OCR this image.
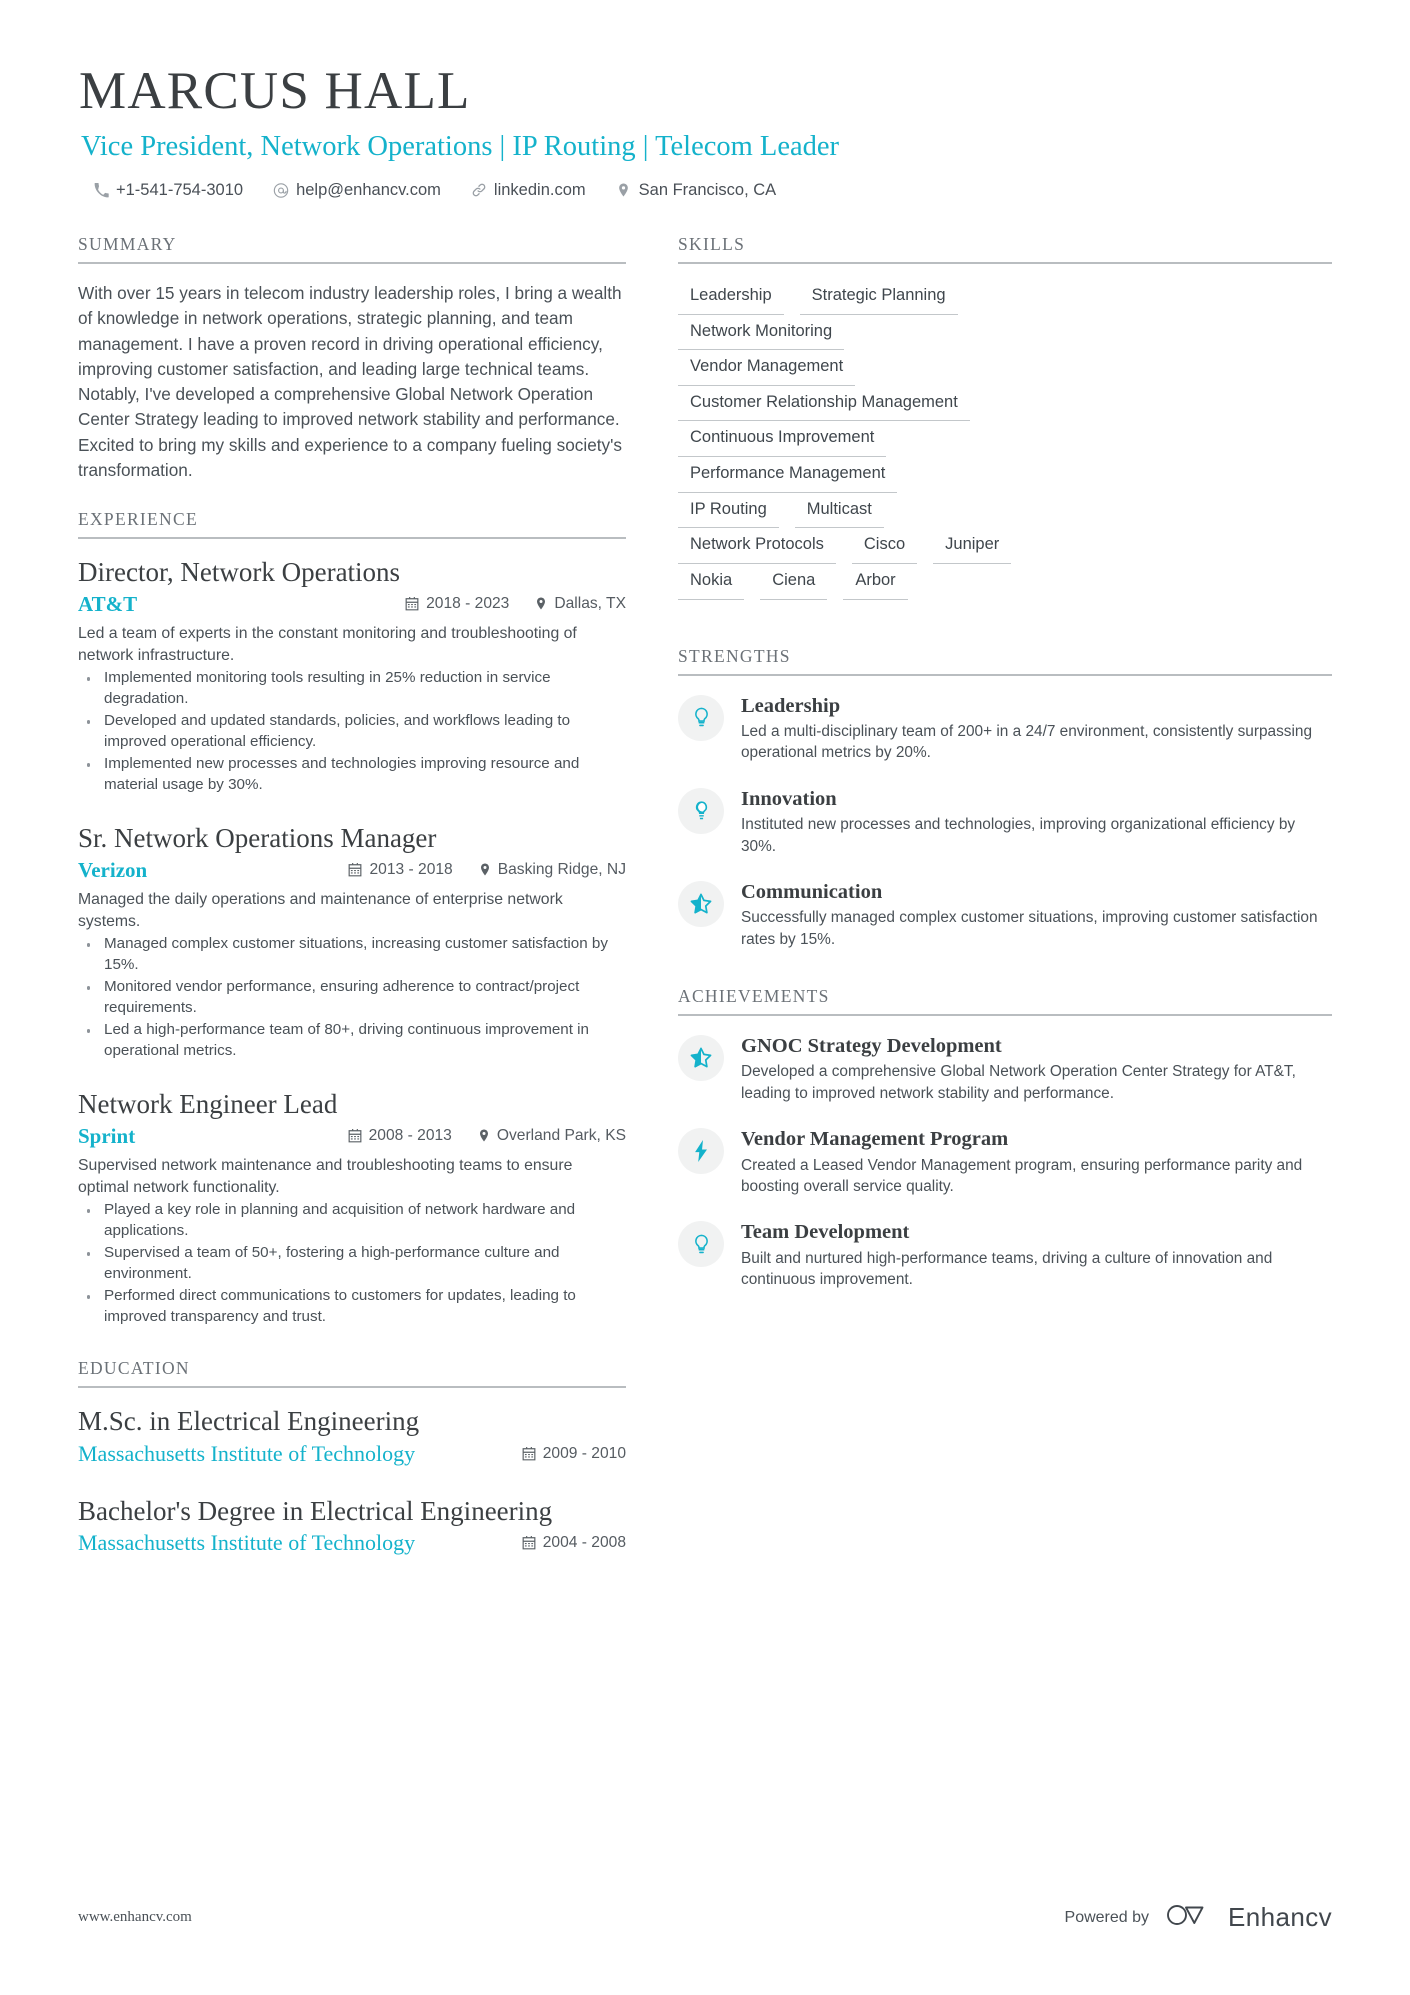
MARCUS HALL
Vice President, Network Operations | IP Routing | Telecom Leader
+1-541-754-3010	help@enhancv.com	linkedin.com	San Francisco, CA
SUMMARY

With over 15 years in telecom industry leadership roles, I bring a wealth of knowledge in network operations, strategic planning, and team management. I have a proven record in driving operational efficiency, improving customer satisfaction, and leading large technical teams. Notably, I've developed a comprehensive Global Network Operation Center Strategy leading to improved network stability and performance. Excited to bring my skills and experience to a company fueling society's transformation.

EXPERIENCE
Director, Network Operations
AT&T	2018 - 2023	Dallas, TX

Led a team of experts in the constant monitoring and troubleshooting of network infrastructure.

Implemented monitoring tools resulting in 25% reduction in service degradation.
Developed and updated standards, policies, and workflows leading to improved operational efficiency.
Implemented new processes and technologies improving resource and material usage by 30%.
Sr. Network Operations Manager
Verizon	2013 - 2018	Basking Ridge, NJ

Managed the daily operations and maintenance of enterprise network systems.

Managed complex customer situations, increasing customer satisfaction by 15%.
Monitored vendor performance, ensuring adherence to contract/project requirements.
Led a high-performance team of 80+, driving continuous improvement in operational metrics.
Network Engineer Lead
Sprint	2008 - 2013	Overland Park, KS

Supervised network maintenance and troubleshooting teams to ensure optimal network functionality.

Played a key role in planning and acquisition of network hardware and applications.
Supervised a team of 50+, fostering a high-performance culture and environment.
Performed direct communications to customers for updates, leading to improved transparency and trust.
EDUCATION
M.Sc. in Electrical Engineering
Massachusetts Institute of Technology	2009 - 2010
Bachelor's Degree in Electrical Engineering
Massachusetts Institute of Technology	2004 - 2008
SKILLS
Leadership	Strategic Planning
Network Monitoring
Vendor Management
Customer Relationship Management
Continuous Improvement
Performance Management
IP Routing	Multicast
Network Protocols	Cisco	Juniper
Nokia	Ciena	Arbor
STRENGTHS
Leadership

Led a multi-disciplinary team of 200+ in a 24/7 environment, consistently surpassing operational metrics by 20%.

Innovation

Instituted new processes and technologies, improving organizational efficiency by 30%.

Communication

Successfully managed complex customer situations, improving customer satisfaction rates by 15%.

ACHIEVEMENTS
GNOC Strategy Development

Developed a comprehensive Global Network Operation Center Strategy for AT&T, leading to improved network stability and performance.

Vendor Management Program

Created a Leased Vendor Management program, ensuring performance parity and boosting overall service quality.

Team Development

Built and nurtured high-performance teams, driving a culture of innovation and continuous improvement.

www.enhancv.com	Powered by	Enhancv
